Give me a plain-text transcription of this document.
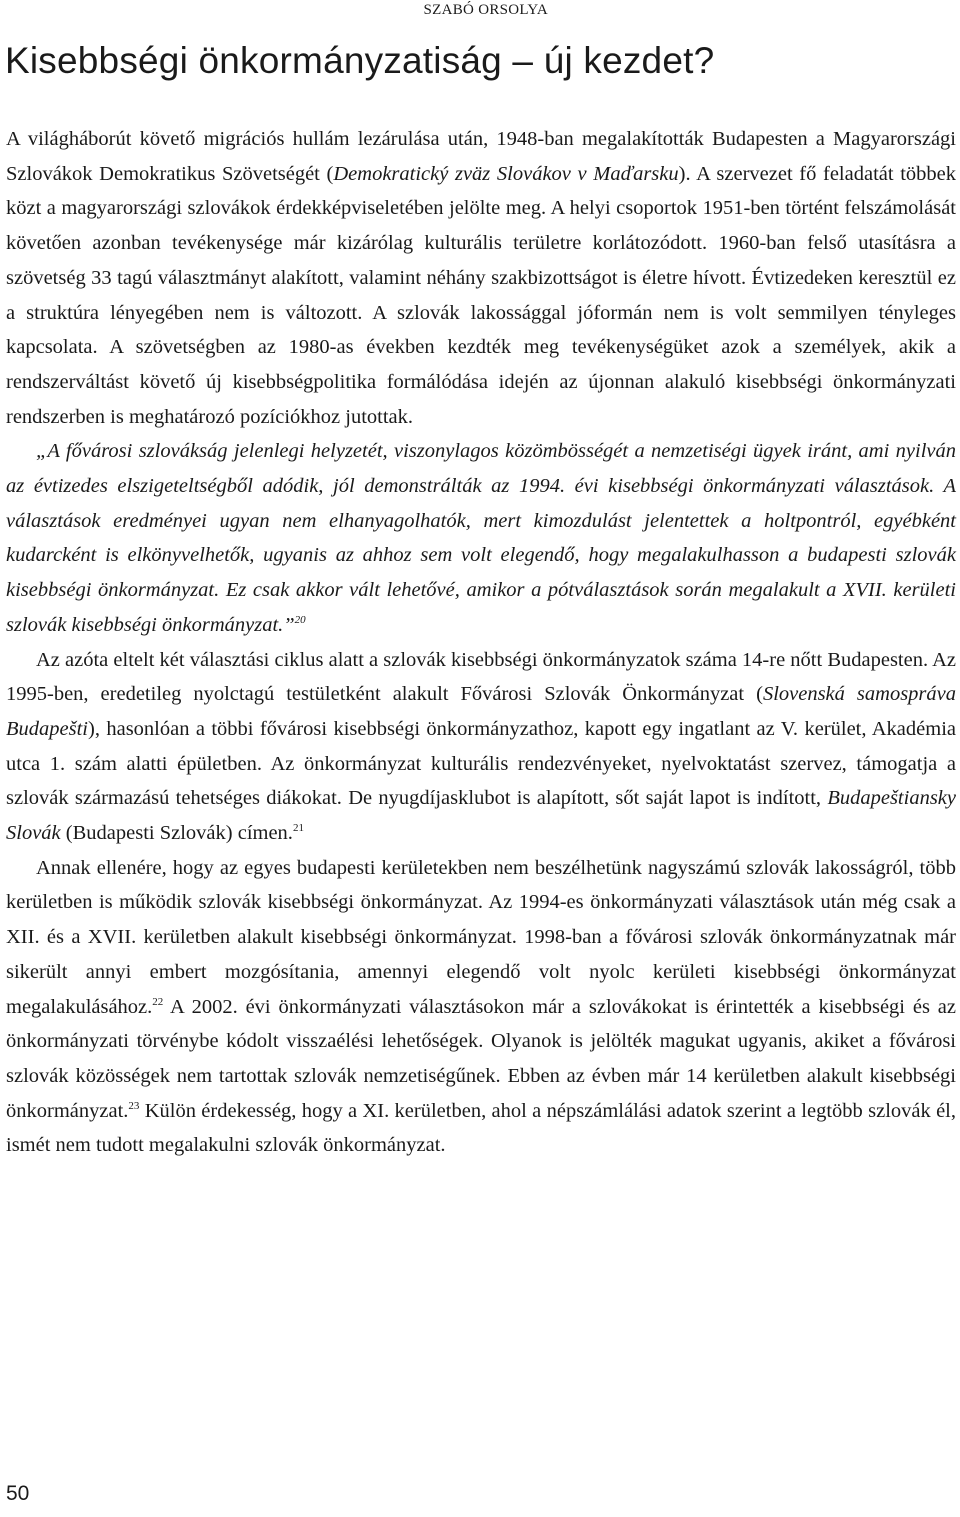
SZABÓ ORSOLYA
Kisebbségi önkormányzatiság – új kezdet?

A világháborút követő migrációs hullám lezárulása után, 1948-ban megalakították Budapesten a Magyarországi Szlovákok Demokratikus Szövetségét (Demokratický zväz Slovákov v Maďarsku). A szervezet fő feladatát többek közt a magyarországi szlovákok érdekképviseletében jelölte meg. A helyi csoportok 1951-ben történt felszámolását követően azonban tevékenysége már kizárólag kulturális területre korlátozódott. 1960-ban felső utasításra a szövetség 33 tagú választmányt alakított, valamint néhány szakbizottságot is életre hívott. Évtizedeken keresztül ez a struktúra lényegében nem is változott. A szlovák lakossággal jóformán nem is volt semmilyen tényleges kapcsolata. A szövetségben az 1980-as években kezdték meg tevékenységüket azok a személyek, akik a rendszerváltást követő új kisebbségpolitika formálódása idején az újonnan alakuló kisebbségi önkormányzati rendszerben is meghatározó pozíciókhoz jutottak.

„A fővárosi szlovákság jelenlegi helyzetét, viszonylagos közömbösségét a nemzetiségi ügyek iránt, ami nyilván az évtizedes elszigeteltségből adódik, jól demonstrálták az 1994. évi kisebbségi önkormányzati választások. A választások eredményei ugyan nem elhanyagolhatók, mert kimozdulást jelentettek a holtpontról, egyébként kudarcként is elkönyvelhetők, ugyanis az ahhoz sem volt elegendő, hogy megalakulhasson a budapesti szlovák kisebbségi önkormányzat. Ez csak akkor vált lehetővé, amikor a pótválasztások során megalakult a XVII. kerületi szlovák kisebbségi önkormányzat.”$^{20}$

Az azóta eltelt két választási ciklus alatt a szlovák kisebbségi önkormányzatok száma 14-re nőtt Budapesten. Az 1995-ben, eredetileg nyolctagú testületként alakult Fővárosi Szlovák Önkormányzat (Slovenská samospráva Budapešti), hasonlóan a többi fővárosi kisebbségi önkormányzathoz, kapott egy ingatlant az V. kerület, Akadémia utca 1. szám alatti épületben. Az önkormányzat kulturális rendezvényeket, nyelvoktatást szervez, támogatja a szlovák származású tehetséges diákokat. De nyugdíjasklubot is alapított, sőt saját lapot is indított, Budapeštiansky Slovák (Budapesti Szlovák) címen.$^{21}$

Annak ellenére, hogy az egyes budapesti kerületekben nem beszélhetünk nagyszámú szlovák lakosságról, több kerületben is működik szlovák kisebbségi önkormányzat. Az 1994-es önkormányzati választások után még csak a XII. és a XVII. kerületben alakult kisebbségi önkormányzat. 1998-ban a fővárosi szlovák önkormányzatnak már sikerült annyi embert mozgósítania, amennyi elegendő volt nyolc kerületi kisebbségi önkormányzat megalakulásához.$^{22}$ A 2002. évi önkormányzati választásokon már a szlovákokat is érintették a kisebbségi és az önkormányzati törvénybe kódolt visszaélési lehetőségek. Olyanok is jelölték magukat ugyanis, akiket a fővárosi szlovák közösségek nem tartottak szlovák nemzetiségűnek. Ebben az évben már 14 kerületben alakult kisebbségi önkormányzat.$^{23}$ Külön érdekesség, hogy a XI. kerületben, ahol a népszámlálási adatok szerint a legtöbb szlovák él, ismét nem tudott megalakulni szlovák önkormányzat.

50
